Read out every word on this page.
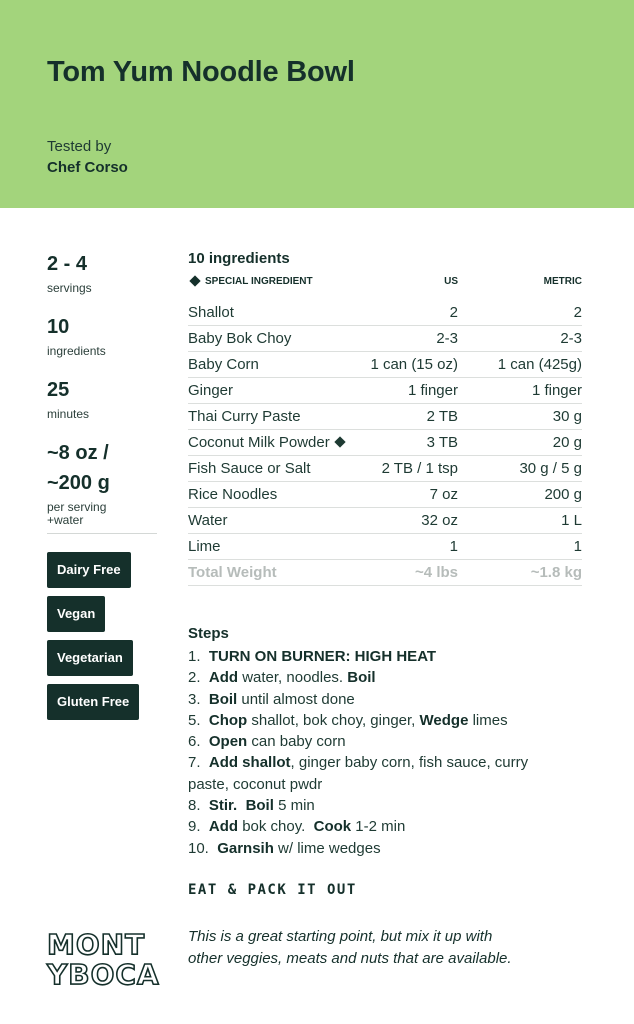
Tom Yum Noodle Bowl
Tested by
Chef Corso
2 - 4
servings
10
ingredients
25
minutes
~8 oz /
~200 g
per serving
+water
Dairy Free
Vegan
Vegetarian
Gluten Free
10 ingredients
SPECIAL INGREDIENT	US	METRIC
Shallot	2	2
Baby Bok Choy	2-3	2-3
Baby Corn	1 can (15 oz)	1 can (425g)
Ginger	1 finger	1 finger
Thai Curry Paste	2 TB	30 g
Coconut Milk Powder	3 TB	20 g
Fish Sauce or Salt	2 TB / 1 tsp	30 g / 5 g
Rice Noodles	7 oz	200 g
Water	32 oz	1 L
Lime	1	1
Total Weight	~4 lbs	~1.8 kg
Steps
1.  TURN ON BURNER: HIGH HEAT
2.  Add water, noodles. Boil
3.  Boil until almost done
5.  Chop shallot, bok choy, ginger, Wedge limes
6.  Open can baby corn
7.  Add shallot, ginger baby corn, fish sauce, curry paste, coconut pwdr
8.  Stir. Boil 5 min
9.  Add bok choy.  Cook 1-2 min
10.  Garnsih w/ lime wedges
EAT & PACK IT OUT
MONT
YBOCA
This is a great starting point, but mix it up with other veggies, meats and nuts that are available.
